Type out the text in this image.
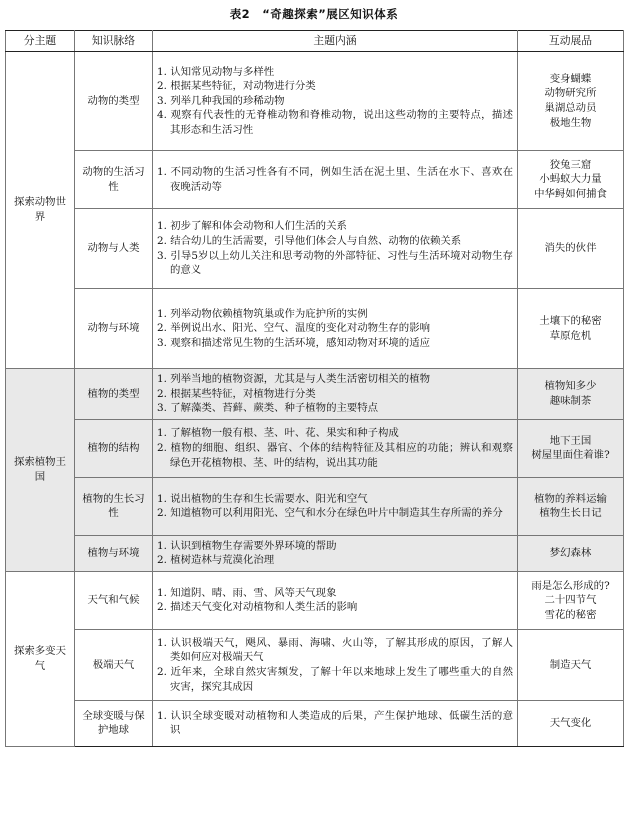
表2　“奇趣探索”展区知识体系
分主题	知识脉络	主题内涵	互动展品
探索动物世界	动物的类型	1. 认知常见动物与多样性
2. 根据某些特征，对动物进行分类
3. 列举几种我国的珍稀动物
4. 观察有代表性的无脊椎动物和脊椎动物，说出这些动物的主要特点，描述其形态和生活习性	变身蝴蝶
动物研究所
巢湖总动员
极地生物

	动物的生活习性	1. 不同动物的生活习性各有不同，例如生活在泥土里、生活在水下、喜欢在夜晚活动等	狡兔三窟
小蚂蚁大力量
中华鲟如何捕食

	动物与人类	1. 初步了解和体会动物和人们生活的关系
2. 结合幼儿的生活需要，引导他们体会人与自然、动物的依赖关系
3. 引导5岁以上幼儿关注和思考动物的外部特征、习性与生活环境对动物生存的意义	消失的伙伴

	动物与环境	1. 列举动物依赖植物筑巢或作为庇护所的实例
2. 举例说出水、阳光、空气、温度的变化对动物生存的影响
3. 观察和描述常见生物的生活环境，感知动物对环境的适应	土壤下的秘密
草原危机

探索植物王国	植物的类型	1. 列举当地的植物资源，尤其是与人类生活密切相关的植物
2. 根据某些特征，对植物进行分类
3. 了解藻类、苔藓、蕨类、种子植物的主要特点	植物知多少
趣味制茶

	植物的结构	1. 了解植物一般有根、茎、叶、花、果实和种子构成
2. 植物的细胞、组织、器官、个体的结构特征及其相应的功能；辨认和观察绿色开花植物根、茎、叶的结构，说出其功能	地下王国
树屋里面住着谁?

	植物的生长习性	1. 说出植物的生存和生长需要水、阳光和空气
2. 知道植物可以利用阳光、空气和水分在绿色叶片中制造其生存所需的养分	植物的养料运输
植物生长日记

	植物与环境	1. 认识到植物生存需要外界环境的帮助
2. 植树造林与荒漠化治理	梦幻森林

探索多变天气	天气和气候	1. 知道阴、晴、雨、雪、风等天气现象
2. 描述天气变化对动植物和人类生活的影响	雨是怎么形成的?
二十四节气
雪花的秘密

	极端天气	1. 认识极端天气，飓风、暴雨、海啸、火山等，了解其形成的原因，了解人类如何应对极端天气
2. 近年来，全球自然灾害频发，了解十年以来地球上发生了哪些重大的自然灾害，探究其成因	制造天气

	全球变暖与保护地球	1. 认识全球变暖对动植物和人类造成的后果，产生保护地球、低碳生活的意识	天气变化
